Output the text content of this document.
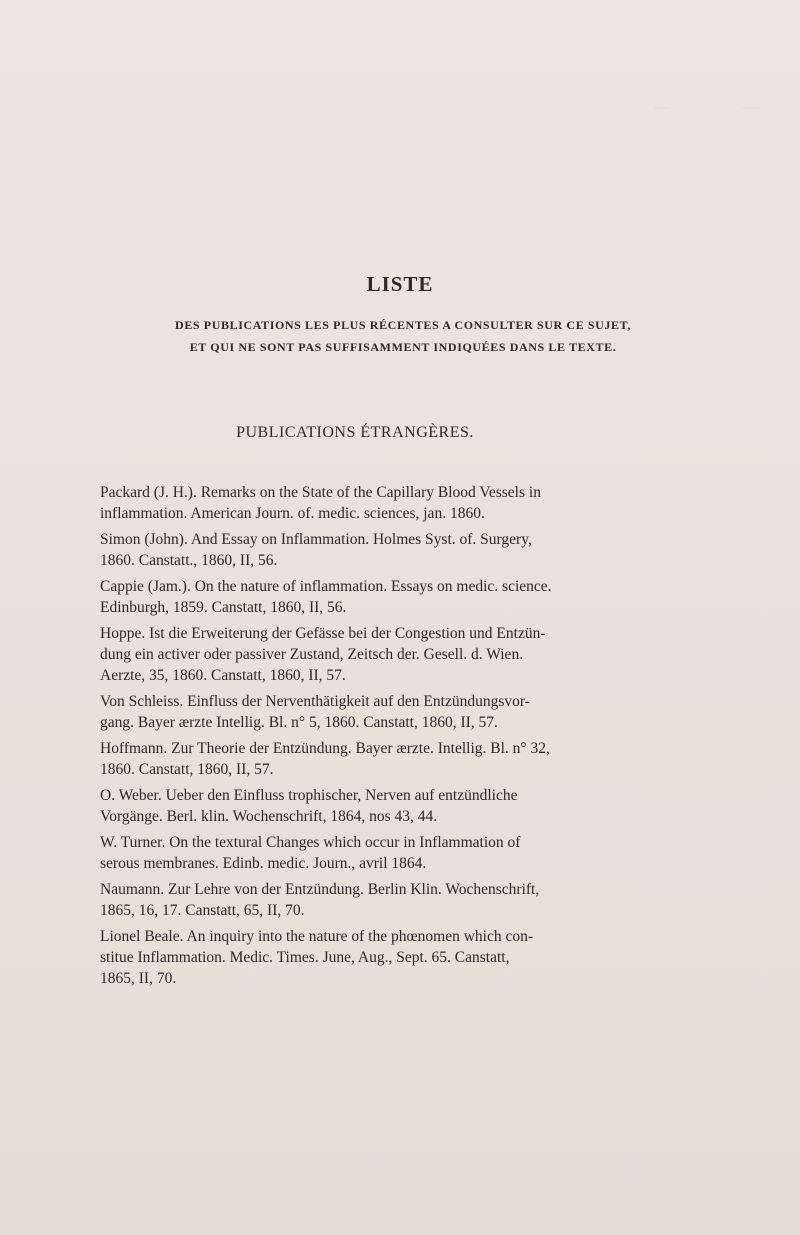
—                 —

LISTE
DES PUBLICATIONS LES PLUS RÉCENTES A CONSULTER SUR CE SUJET,
ET QUI NE SONT PAS SUFFISAMMENT INDIQUÉES DANS LE TEXTE.
PUBLICATIONS ÉTRANGÈRES.

Packard (J. H.). Remarks on the State of the Capillary Blood Vessels in
inflammation. American Journ. of. medic. sciences, jan. 1860.

Simon (John). And Essay on Inflammation. Holmes Syst. of. Surgery,
1860. Canstatt., 1860, II, 56.

Cappie (Jam.). On the nature of inflammation. Essays on medic. science.
Edinburgh, 1859. Canstatt, 1860, II, 56.

Hoppe. Ist die Erweiterung der Gefässe bei der Congestion und Entzün-
dung ein activer oder passiver Zustand, Zeitsch der. Gesell. d. Wien.
Aerzte, 35, 1860. Canstatt, 1860, II, 57.

Von Schleiss. Einfluss der Nerventhätigkeit auf den Entzündungsvor-
gang. Bayer ærzte Intellig. Bl. n° 5, 1860. Canstatt, 1860, II, 57.

Hoffmann. Zur Theorie der Entzündung. Bayer ærzte. Intellig. Bl. n° 32,
1860. Canstatt, 1860, II, 57.

O. Weber. Ueber den Einfluss trophischer, Nerven auf entzündliche
Vorgänge. Berl. klin. Wochenschrift, 1864, nos 43, 44.

W. Turner. On the textural Changes which occur in Inflammation of
serous membranes. Edinb. medic. Journ., avril 1864.

Naumann. Zur Lehre von der Entzündung. Berlin Klin. Wochenschrift,
1865, 16, 17. Canstatt, 65, II, 70.

Lionel Beale. An inquiry into the nature of the phœnomen which con-
stitue Inflammation. Medic. Times. June, Aug., Sept. 65. Canstatt,
1865, II, 70.
